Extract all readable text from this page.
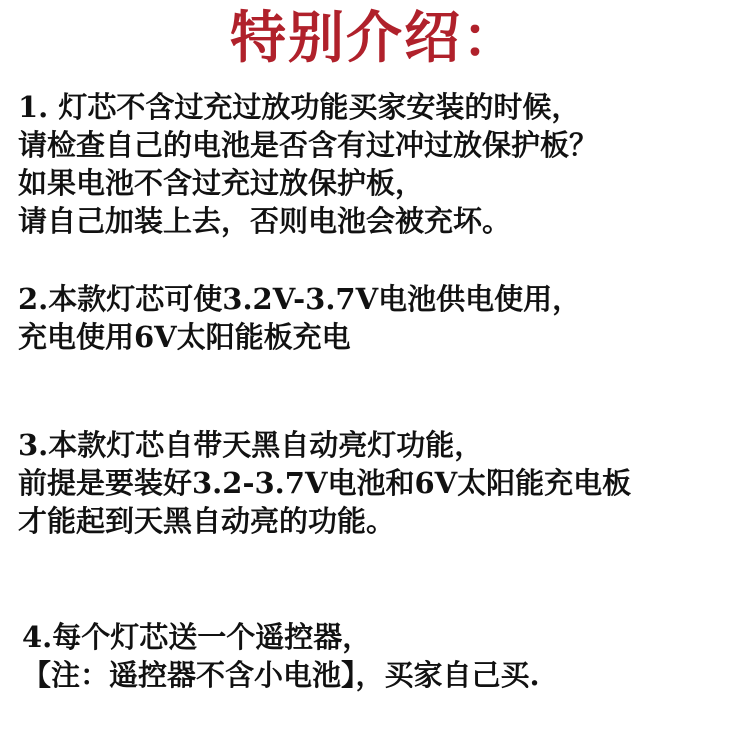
特别介绍：
1. 灯芯不含过充过放功能买家安装的时候，
请检查自己的电池是否含有过冲过放保护板？
如果电池不含过充过放保护板，
请自己加装上去，否则电池会被充坏。
2.本款灯芯可使3.2V-3.7V电池供电使用，
充电使用6V太阳能板充电
3.本款灯芯自带天黑自动亮灯功能，
前提是要装好3.2-3.7V电池和6V太阳能充电板
才能起到天黑自动亮的功能。
4.每个灯芯送一个遥控器，
【注：遥控器不含小电池】，买家自己买.
